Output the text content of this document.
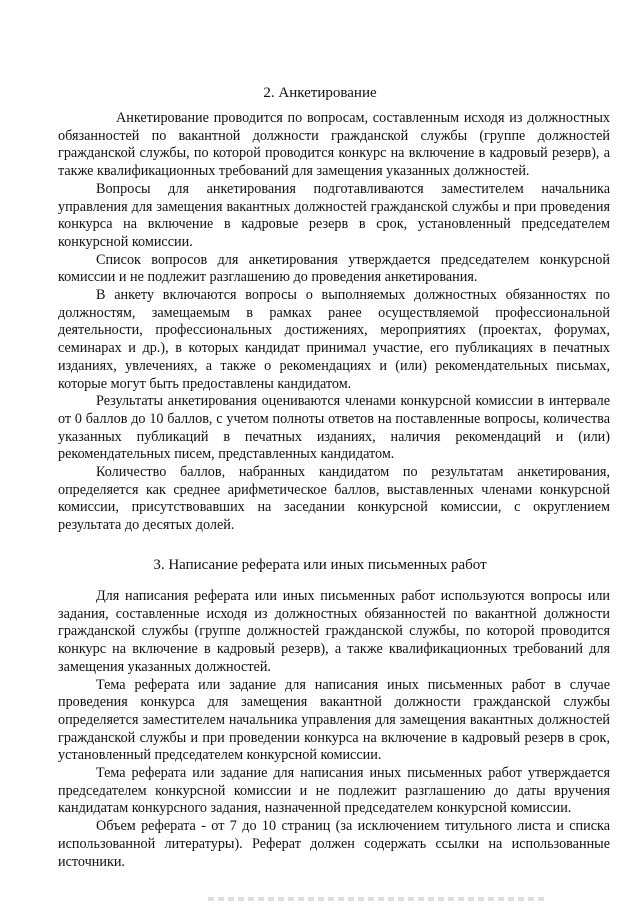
2. Анкетирование

Анкетирование проводится по вопросам, составленным исходя из должностных обязанностей по вакантной должности гражданской службы (группе должностей гражданской службы, по которой проводится конкурс на включение в кадровый резерв), а также квалификационных требований для замещения указанных должностей.

Вопросы для анкетирования подготавливаются заместителем начальника управления для замещения вакантных должностей гражданской службы и при проведения конкурса на включение в кадровые резерв в срок, установленный председателем конкурсной комиссии.

Список вопросов для анкетирования утверждается председателем конкурсной комиссии и не подлежит разглашению до проведения анкетирования.

В анкету включаются вопросы о выполняемых должностных обязанностях по должностям, замещаемым в рамках ранее осуществляемой профессиональной деятельности, профессиональных достижениях, мероприятиях (проектах, форумах, семинарах и др.), в которых кандидат принимал участие, его публикациях в печатных изданиях, увлечениях, а также о рекомендациях и (или) рекомендательных письмах, которые могут быть предоставлены кандидатом.

Результаты анкетирования оцениваются членами конкурсной комиссии в интервале от 0 баллов до 10 баллов, с учетом полноты ответов на поставленные вопросы, количества указанных публикаций в печатных изданиях, наличия рекомендаций и (или) рекомендательных писем, представленных кандидатом.

Количество баллов, набранных кандидатом по результатам анкетирования, определяется как среднее арифметическое баллов, выставленных членами конкурсной комиссии, присутствовавших на заседании конкурсной комиссии, с округлением результата до десятых долей.

3. Написание реферата или иных письменных работ

Для написания реферата или иных письменных работ используются вопросы или задания, составленные исходя из должностных обязанностей по вакантной должности гражданской службы (группе должностей гражданской службы, по которой проводится конкурс на включение в кадровый резерв), а также квалификационных требований для замещения указанных должностей.

Тема реферата или задание для написания иных письменных работ в случае проведения конкурса для замещения вакантной должности гражданской службы определяется заместителем начальника управления для замещения вакантных должностей гражданской службы и при проведении конкурса на включение в кадровый резерв в срок, установленный председателем конкурсной комиссии.

Тема реферата или задание для написания иных письменных работ утверждается председателем конкурсной комиссии и не подлежит разглашению до даты вручения кандидатам конкурсного задания, назначенной председателем конкурсной комиссии.

Объем реферата - от 7 до 10 страниц (за исключением титульного листа и списка использованной литературы). Реферат должен содержать ссылки на использованные источники.
